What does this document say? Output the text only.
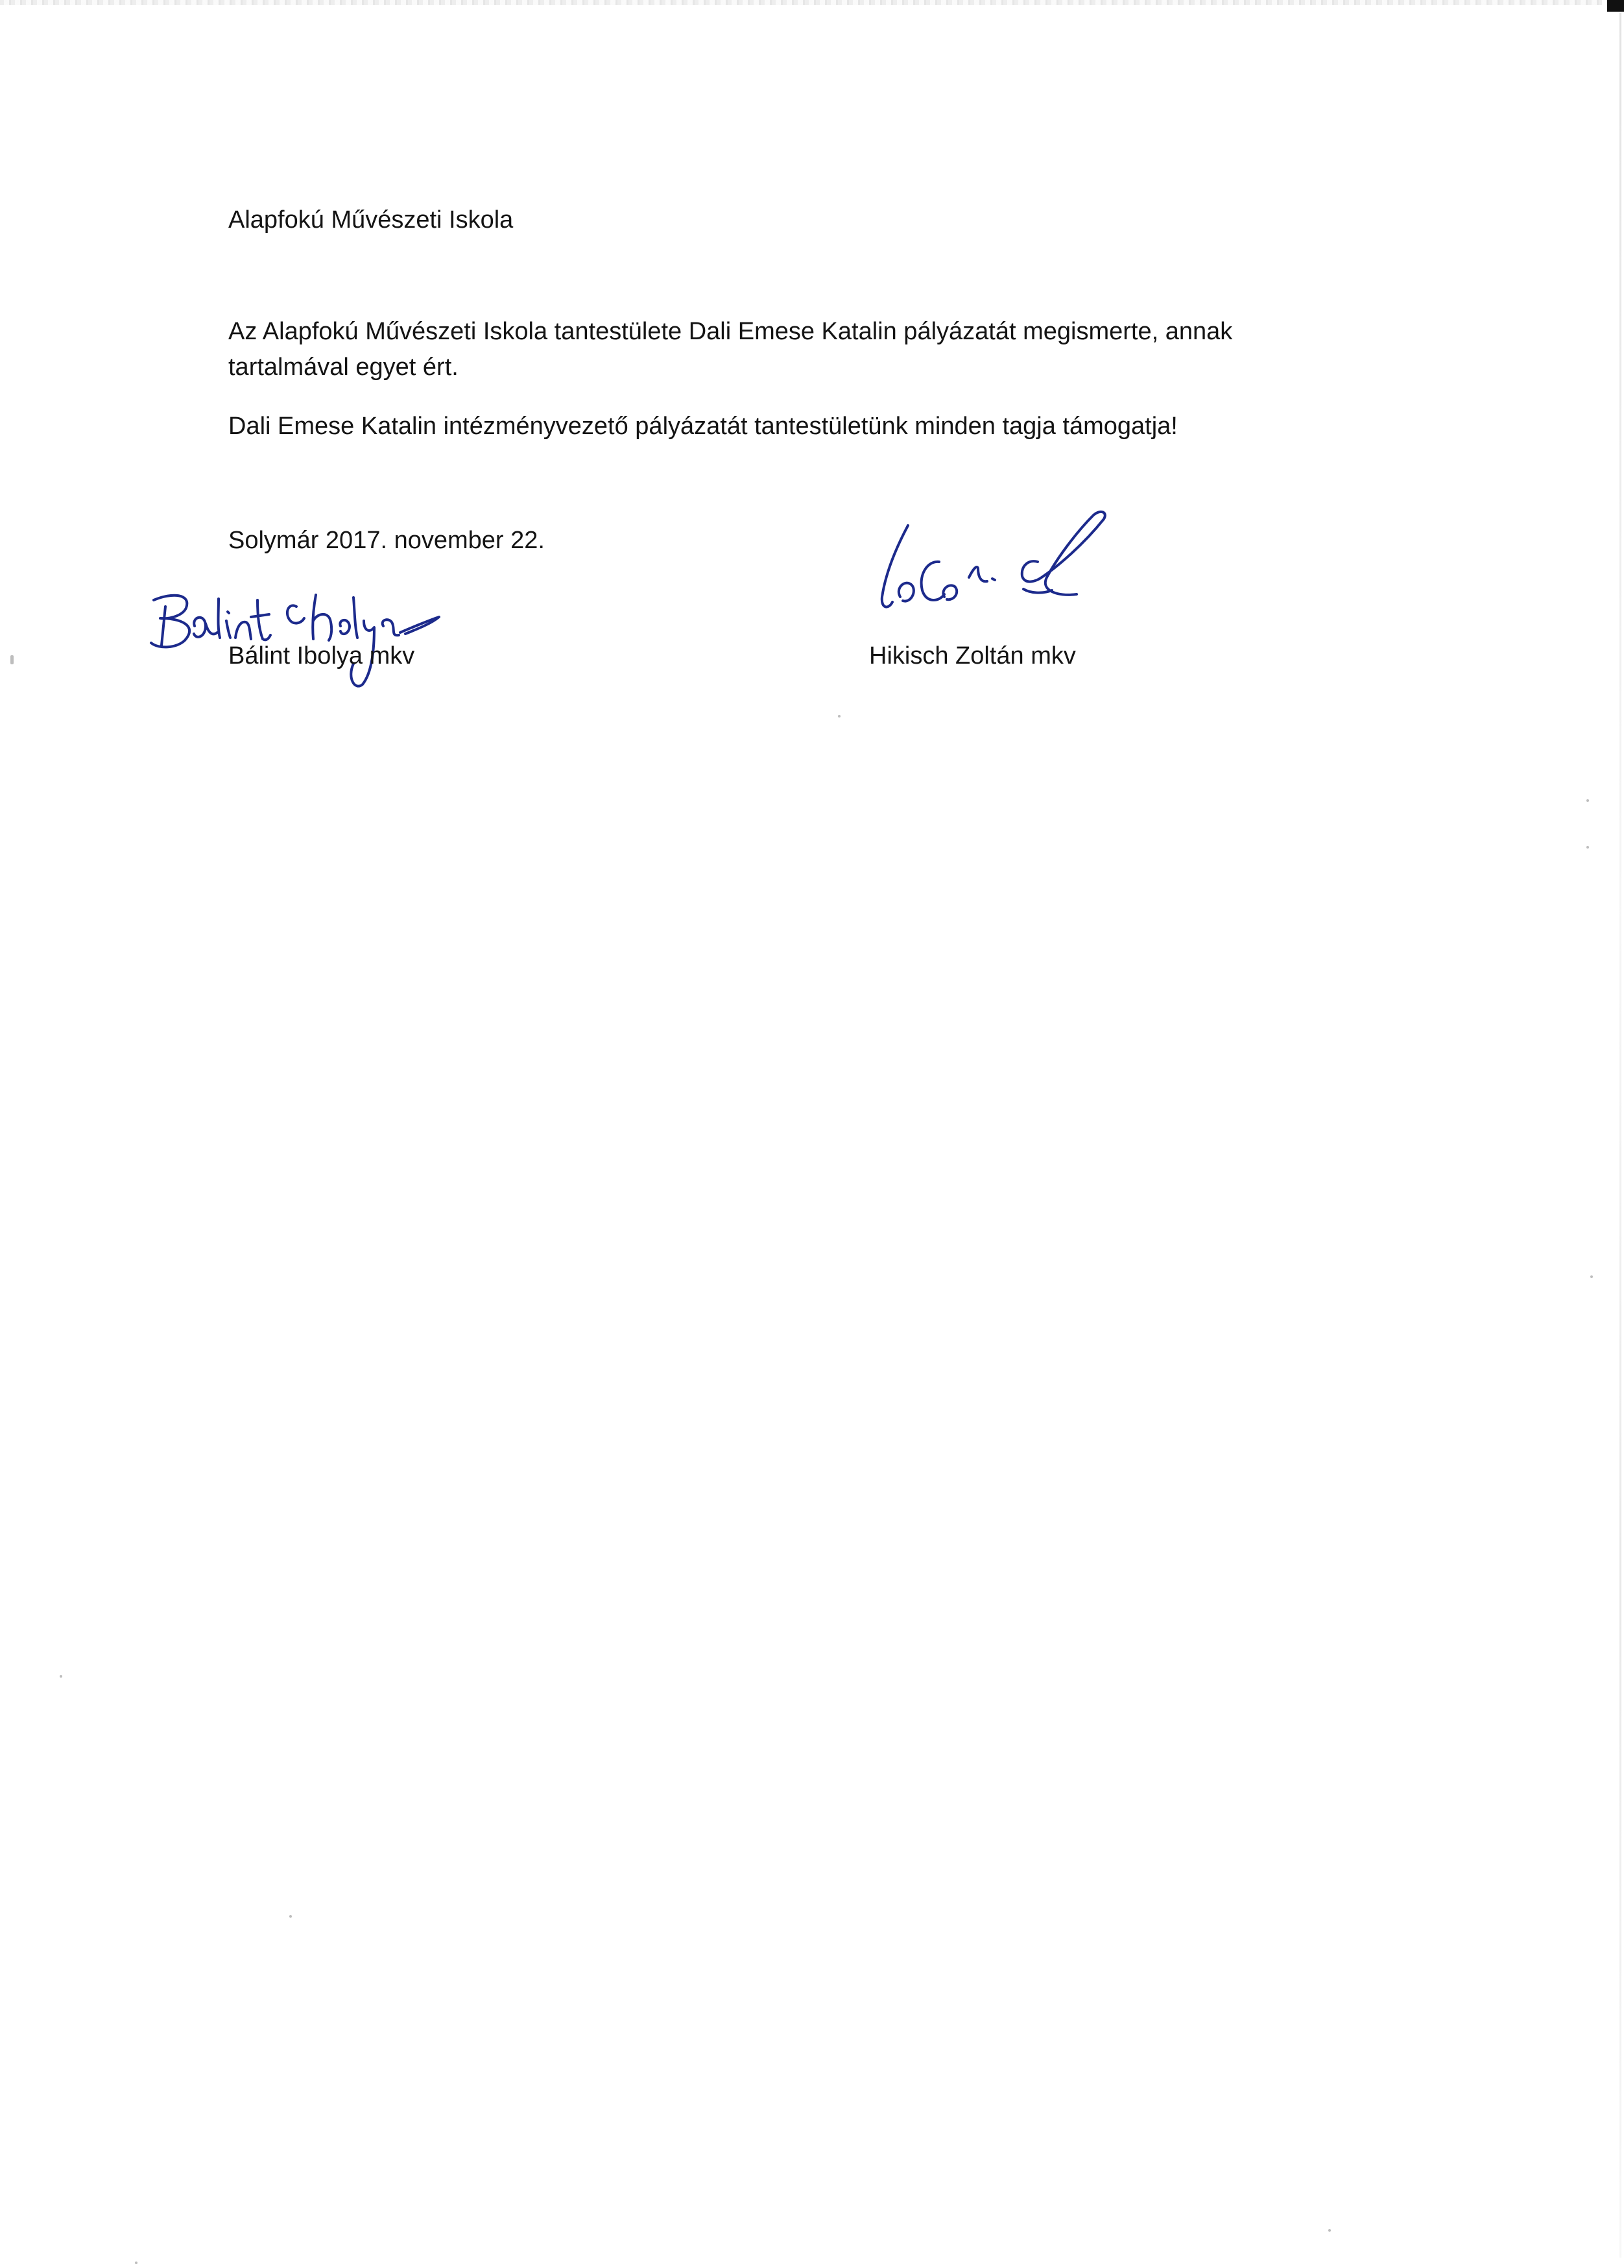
Alapfokú Művészeti Iskola
Az Alapfokú Művészeti Iskola tantestülete Dali Emese Katalin pályázatát megismerte, annak
tartalmával egyet ért.
Dali Emese Katalin intézményvezető pályázatát tantestületünk minden tagja támogatja!
Solymár 2017. november 22.
Bálint Ibolya mkv	Hikisch Zoltán mkv
